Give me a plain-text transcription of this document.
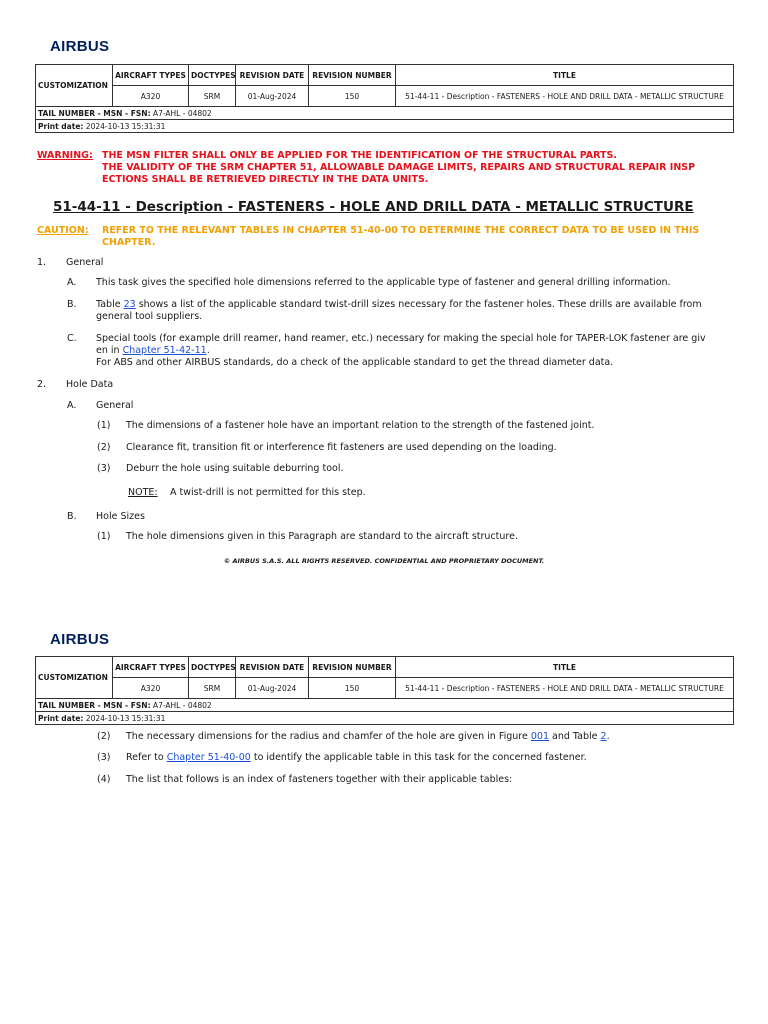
AIRBUS
CUSTOMIZATION	AIRCRAFT TYPES	DOCTYPES	REVISION DATE	REVISION NUMBER	TITLE
	A320	SRM	01-Aug-2024	150	51-44-11 - Description - FASTENERS - HOLE AND DRILL DATA - METALLIC STRUCTURE
TAIL NUMBER - MSN - FSN: A7-AHL - 04802					
Print date: 2024-10-13 15:31:31					
WARNING: THE MSN FILTER SHALL ONLY BE APPLIED FOR THE IDENTIFICATION OF THE STRUCTURAL PARTS.
THE VALIDITY OF THE SRM CHAPTER 51, ALLOWABLE DAMAGE LIMITS, REPAIRS AND STRUCTURAL REPAIR INSP
ECTIONS SHALL BE RETRIEVED DIRECTLY IN THE DATA UNITS.
51-44-11 - Description - FASTENERS - HOLE AND DRILL DATA - METALLIC STRUCTURE
CAUTION: REFER TO THE RELEVANT TABLES IN CHAPTER 51-40-00 TO DETERMINE THE CORRECT DATA TO BE USED IN THIS
CHAPTER.
1. General
A. This task gives the specified hole dimensions referred to the applicable type of fastener and general drilling information.
B. Table 23 shows a list of the applicable standard twist-drill sizes necessary for the fastener holes. These drills are available from
general tool suppliers.
C. Special tools (for example drill reamer, hand reamer, etc.) necessary for making the special hole for TAPER-LOK fastener are giv
en in Chapter 51-42-11.
For ABS and other AIRBUS standards, do a check of the applicable standard to get the thread diameter data.
2. Hole Data
A. General
(1) The dimensions of a fastener hole have an important relation to the strength of the fastened joint.
(2) Clearance fit, transition fit or interference fit fasteners are used depending on the loading.
(3) Deburr the hole using suitable deburring tool.
NOTE: A twist-drill is not permitted for this step.
B. Hole Sizes
(1) The hole dimensions given in this Paragraph are standard to the aircraft structure.
© AIRBUS S.A.S. ALL RIGHTS RESERVED. CONFIDENTIAL AND PROPRIETARY DOCUMENT.
AIRBUS
CUSTOMIZATION	AIRCRAFT TYPES	DOCTYPES	REVISION DATE	REVISION NUMBER	TITLE
	A320	SRM	01-Aug-2024	150	51-44-11 - Description - FASTENERS - HOLE AND DRILL DATA - METALLIC STRUCTURE
TAIL NUMBER - MSN - FSN: A7-AHL - 04802					
Print date: 2024-10-13 15:31:31					
(2) The necessary dimensions for the radius and chamfer of the hole are given in Figure 001 and Table 2.
(3) Refer to Chapter 51-40-00 to identify the applicable table in this task for the concerned fastener.
(4) The list that follows is an index of fasteners together with their applicable tables:
